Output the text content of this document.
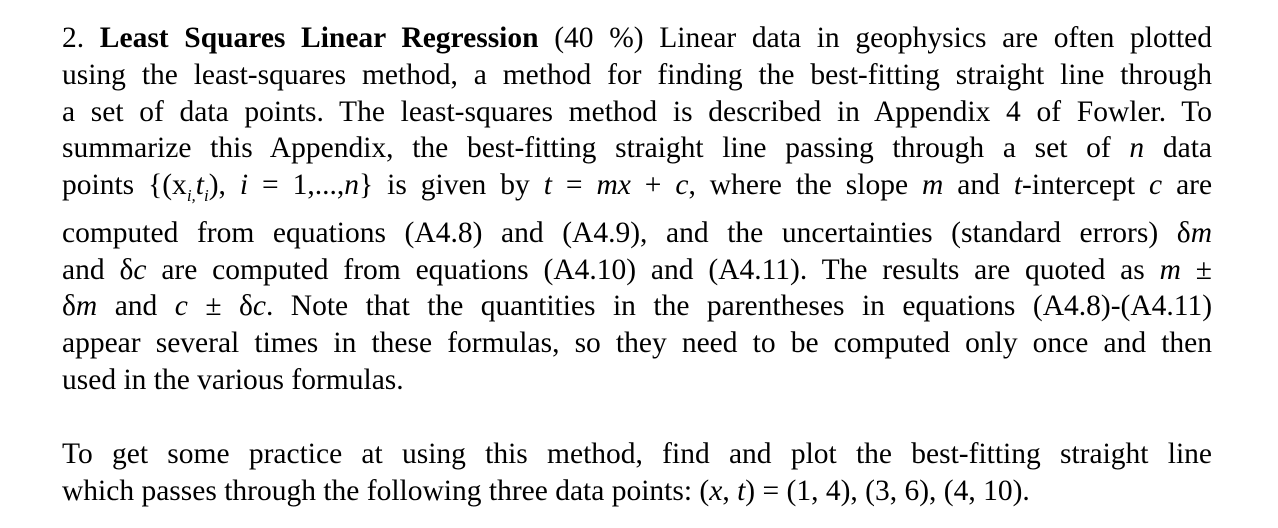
2. Least Squares Linear Regression (40 %) Linear data in geophysics are often plotted
using the least-squares method, a method for finding the best-fitting straight line through
a set of data points. The least-squares method is described in Appendix 4 of Fowler. To
summarize this Appendix, the best-fitting straight line passing through a set of n data
points {$(x_{i,}t_i)$, i = 1,...,n} is given by t = mx + c, where the slope m and t-intercept c are
computed from equations (A4.8) and (A4.9), and the uncertainties (standard errors) δm
and δc are computed from equations (A4.10) and (A4.11). The results are quoted as m ±
δm and c ± δc. Note that the quantities in the parentheses in equations (A4.8)-(A4.11)
appear several times in these formulas, so they need to be computed only once and then
used in the various formulas.
To get some practice at using this method, find and plot the best-fitting straight line
which passes through the following three data points: (x, t) = (1, 4), (3, 6), (4, 10).
